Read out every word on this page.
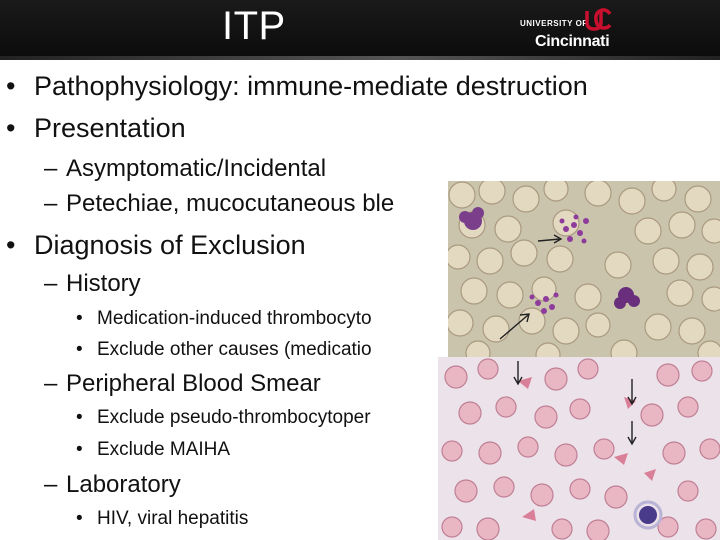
ITP	UNIVERSITY OF
Cincinnati
• Pathophysiology: immune-mediate destruction
• Presentation
– Asymptomatic/Incidental
– Petechiae, mucocutaneous ble
• Diagnosis of Exclusion
– History
• Medication-induced thrombocyto
• Exclude other causes (medicatio
– Peripheral Blood Smear
• Exclude pseudo-thrombocytoper
• Exclude MAIHA
– Laboratory
• HIV, viral hepatitis
